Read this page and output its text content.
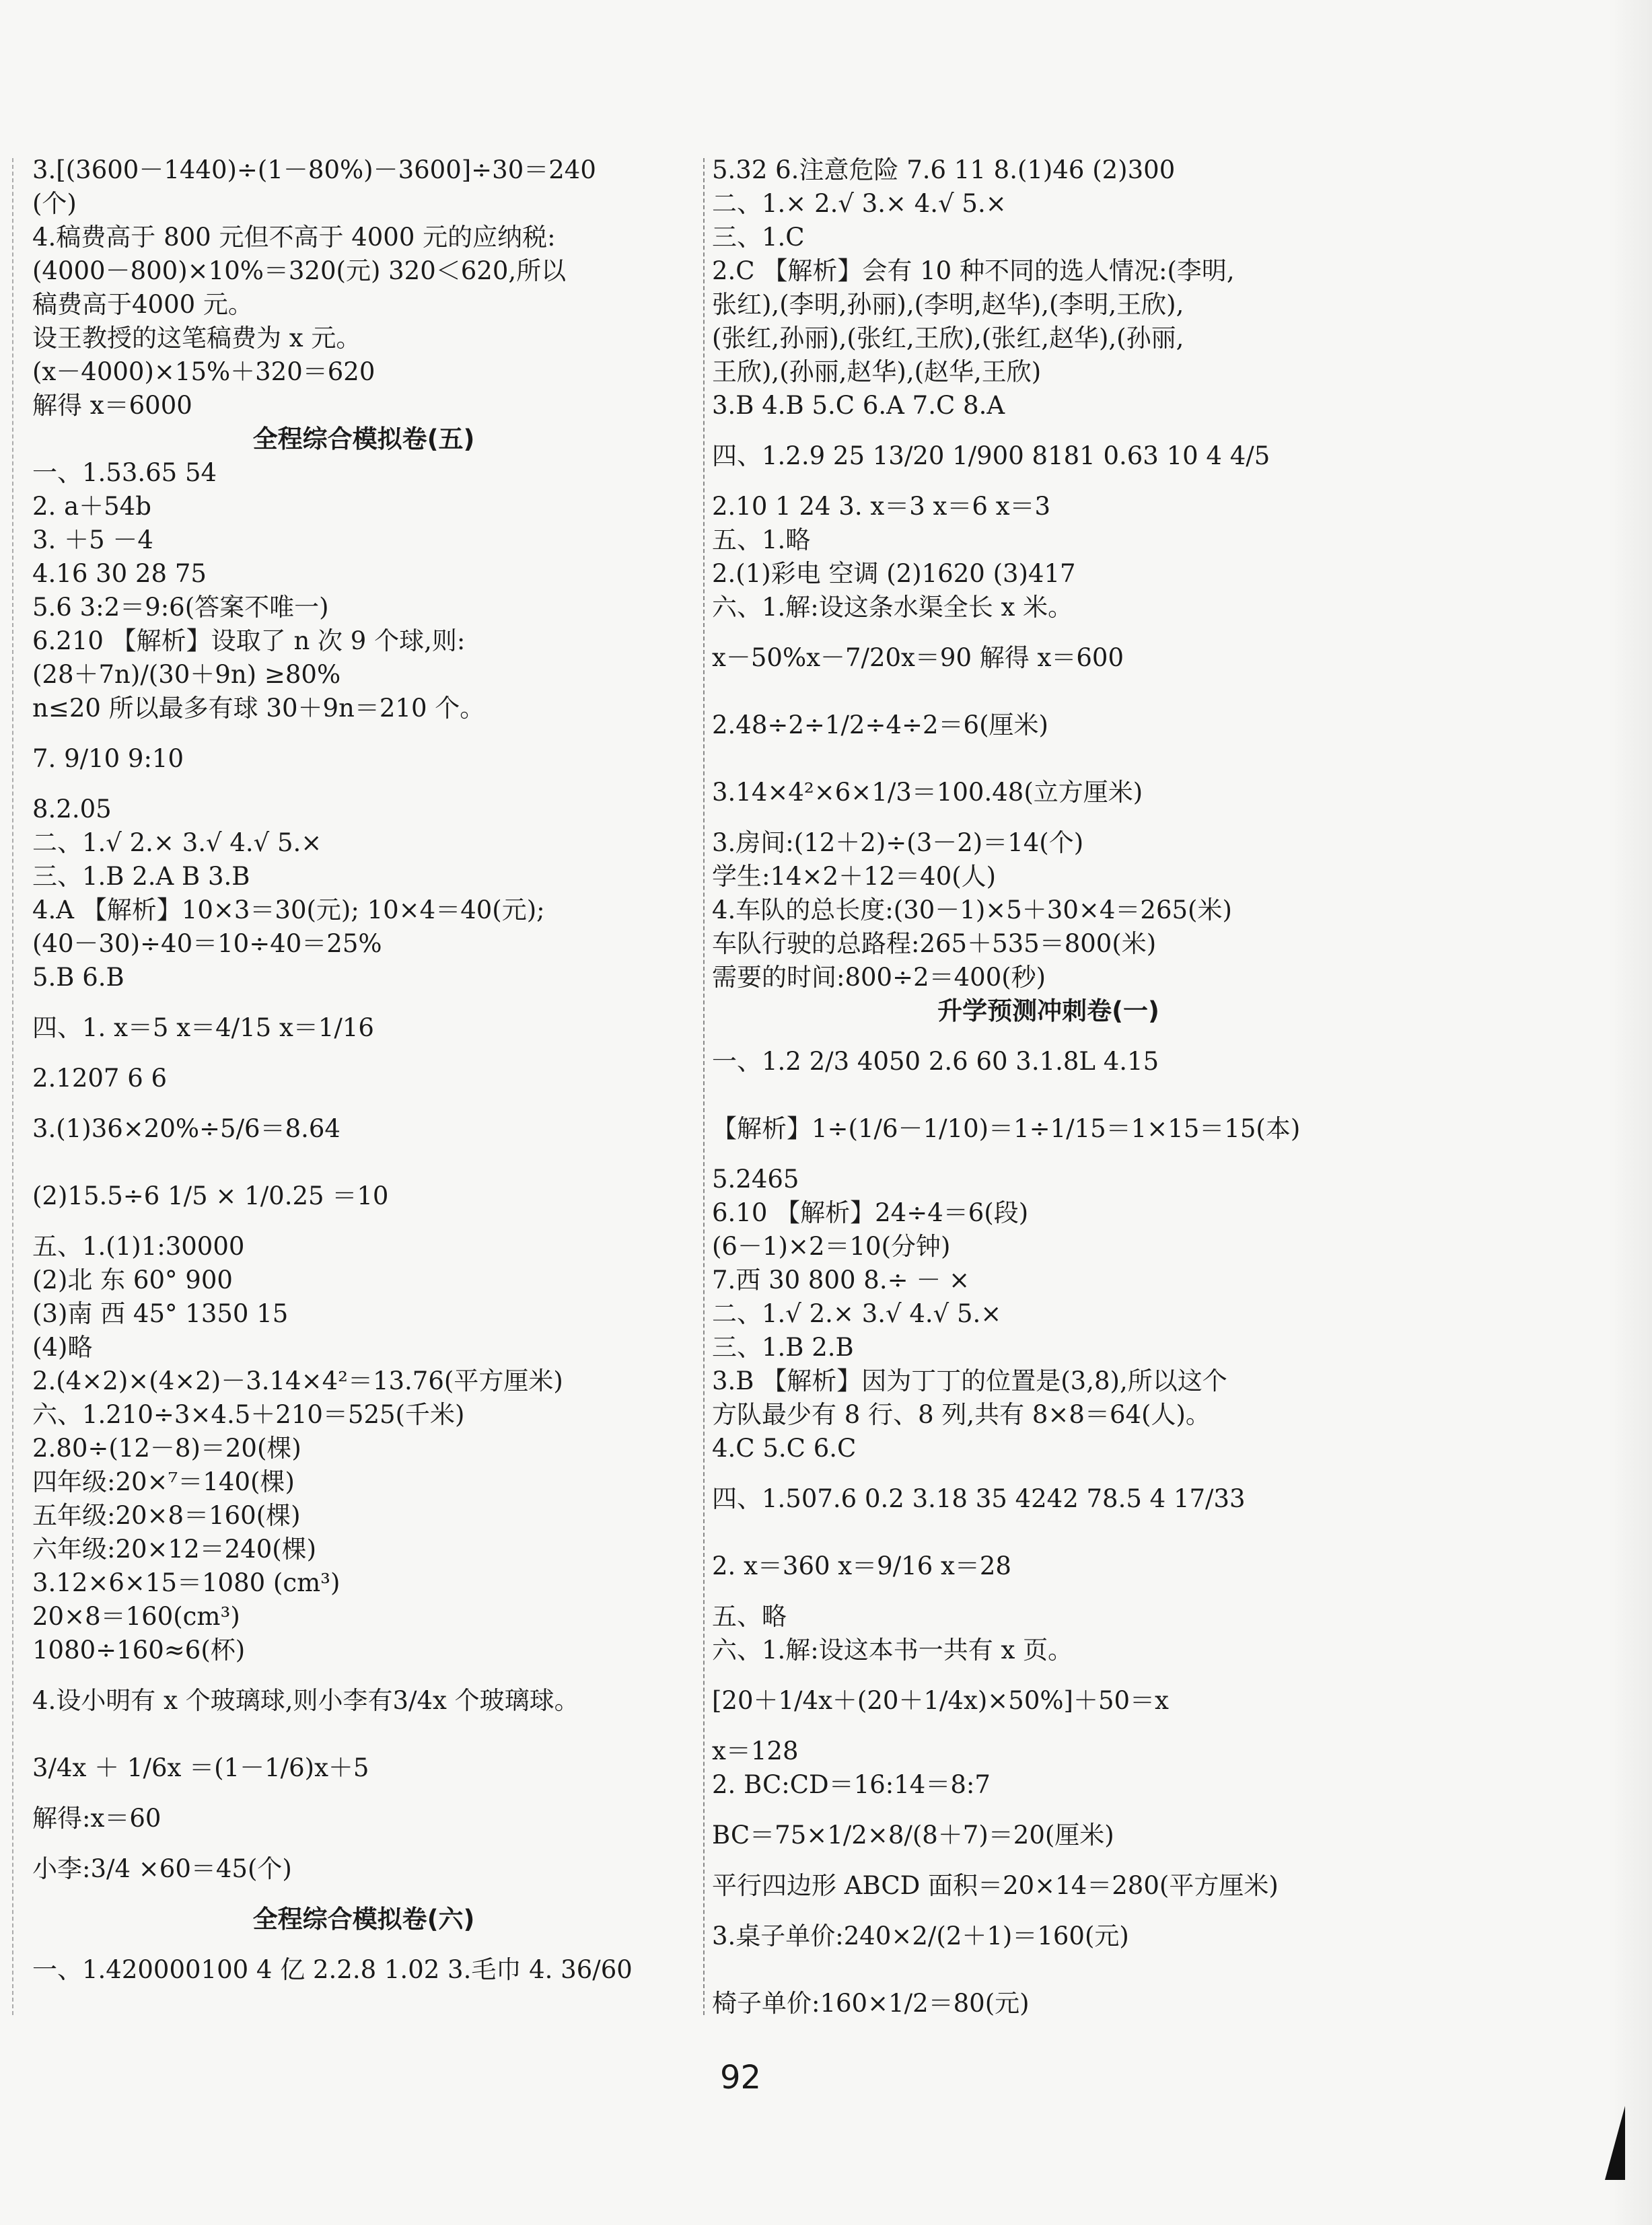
3.[(3600－1440)÷(1－80%)－3600]÷30＝240
(个)
4.稿费高于 800 元但不高于 4000 元的应纳税:
(4000－800)×10%＝320(元) 320＜620,所以
稿费高于4000 元。
设王教授的这笔稿费为 x 元。
(x－4000)×15%＋320＝620
解得 x＝6000
全程综合模拟卷(五)
一、1.53.65 54
2. a＋54b
3. ＋5 －4
4.16 30 28 75
5.6 3:2＝9:6(答案不唯一)
6.210 【解析】设取了 n 次 9 个球,则:
(28＋7n)/(30＋9n) ≥80%
n≤20 所以最多有球 30＋9n＝210 个。
7. 9/10 9:10
8.2.05
二、1.√ 2.× 3.√ 4.√ 5.×
三、1.B 2.A B 3.B
4.A 【解析】10×3＝30(元); 10×4＝40(元);
(40－30)÷40＝10÷40＝25%
5.B 6.B
四、1. x＝5 x＝4/15 x＝1/16
2.1207 6 6
3.(1)36×20%÷5/6＝8.64
(2)15.5÷6 1/5 × 1/0.25 ＝10
五、1.(1)1:30000
(2)北 东 60° 900
(3)南 西 45° 1350 15
(4)略
2.(4×2)×(4×2)－3.14×4²＝13.76(平方厘米)
六、1.210÷3×4.5＋210＝525(千米)
2.80÷(12－8)＝20(棵)
四年级:20×⁷＝140(棵)
五年级:20×8＝160(棵)
六年级:20×12＝240(棵)
3.12×6×15＝1080 (cm³)
20×8＝160(cm³)
1080÷160≈6(杯)
4.设小明有 x 个玻璃球,则小李有3/4x 个玻璃球。
3/4x ＋ 1/6x ＝(1－1/6)x＋5
解得:x＝60
小李:3/4 ×60＝45(个)
全程综合模拟卷(六)
一、1.420000100 4 亿 2.2.8 1.02 3.毛巾 4. 36/60
5.32 6.注意危险 7.6 11 8.(1)46 (2)300
二、1.× 2.√ 3.× 4.√ 5.×
三、1.C
2.C 【解析】会有 10 种不同的选人情况:(李明,
张红),(李明,孙丽),(李明,赵华),(李明,王欣),
(张红,孙丽),(张红,王欣),(张红,赵华),(孙丽,
王欣),(孙丽,赵华),(赵华,王欣)
3.B 4.B 5.C 6.A 7.C 8.A
四、1.2.9 25 13/20 1/900 8181 0.63 10 4 4/5
2.10 1 24 3. x＝3 x＝6 x＝3
五、1.略
2.(1)彩电 空调 (2)1620 (3)417
六、1.解:设这条水渠全长 x 米。
x－50%x－7/20x＝90 解得 x＝600
2.48÷2÷1/2÷4÷2＝6(厘米)
3.14×4²×6×1/3＝100.48(立方厘米)
3.房间:(12＋2)÷(3－2)＝14(个)
学生:14×2＋12＝40(人)
4.车队的总长度:(30－1)×5＋30×4＝265(米)
车队行驶的总路程:265＋535＝800(米)
需要的时间:800÷2＝400(秒)
升学预测冲刺卷(一)
一、1.2 2/3 4050 2.6 60 3.1.8L 4.15
【解析】1÷(1/6－1/10)＝1÷1/15＝1×15＝15(本)
5.2465
6.10 【解析】24÷4＝6(段)
(6－1)×2＝10(分钟)
7.西 30 800 8.÷ － ×
二、1.√ 2.× 3.√ 4.√ 5.×
三、1.B 2.B
3.B 【解析】因为丁丁的位置是(3,8),所以这个
方队最少有 8 行、8 列,共有 8×8＝64(人)。
4.C 5.C 6.C
四、1.507.6 0.2 3.18 35 4242 78.5 4 17/33
2. x＝360 x＝9/16 x＝28
五、略
六、1.解:设这本书一共有 x 页。
[20＋1/4x＋(20＋1/4x)×50%]＋50＝x
x＝128
2. BC:CD＝16:14＝8:7
BC＝75×1/2×8/(8＋7)＝20(厘米)
平行四边形 ABCD 面积＝20×14＝280(平方厘米)
3.桌子单价:240×2/(2＋1)＝160(元)
椅子单价:160×1/2＝80(元)
92
